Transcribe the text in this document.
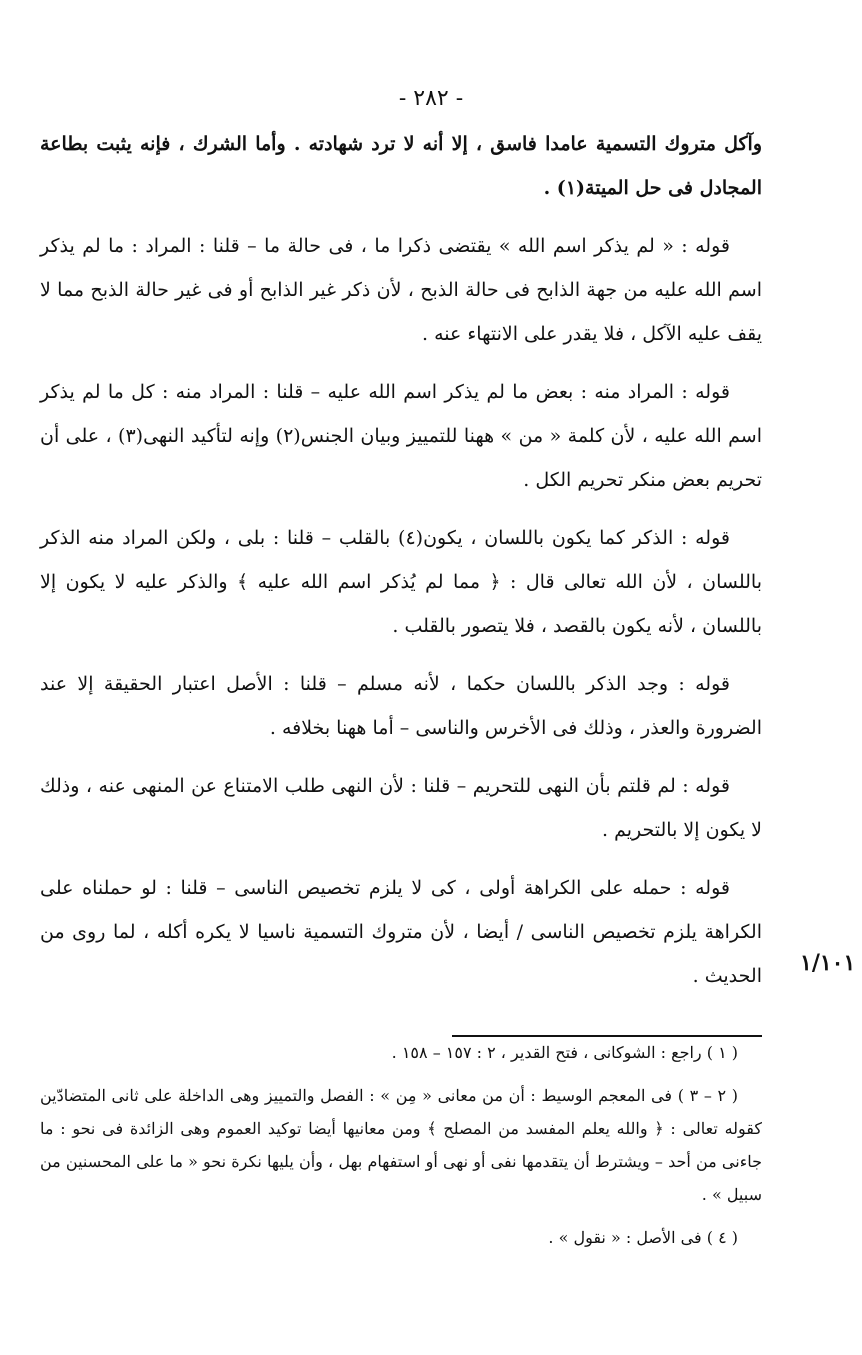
- ٢٨٢ -

وآكل متروك التسمية عامدا فاسق ، إلا أنه لا ترد شهادته . وأما الشرك ، فإنه يثبت بطاعة المجادل فى حل الميتة(١) .

قوله : « لم يذكر اسم الله » يقتضى ذكرا ما ، فى حالة ما – قلنا : المراد : ما لم يذكر اسم الله عليه من جهة الذابح فى حالة الذبح ، لأن ذكر غير الذابح أو فى غير حالة الذبح مما لا يقف عليه الآكل ، فلا يقدر على الانتهاء عنه .

قوله : المراد منه : بعض ما لم يذكر اسم الله عليه – قلنا : المراد منه : كل ما لم يذكر اسم الله عليه ، لأن كلمة « من » ههنا للتمييز وبيان الجنس(٢) وإنه لتأكيد النهى(٣) ، على أن تحريم بعض منكر تحريم الكل .

قوله : الذكر كما يكون باللسان ، يكون(٤) بالقلب – قلنا : بلى ، ولكن المراد منه الذكر باللسان ، لأن الله تعالى قال : ﴿ مما لم يُذكر اسم الله عليه ﴾ والذكر عليه لا يكون إلا باللسان ، لأنه يكون بالقصد ، فلا يتصور بالقلب .

قوله : وجد الذكر باللسان حكما ، لأنه مسلم – قلنا : الأصل اعتبار الحقيقة إلا عند الضرورة والعذر ، وذلك فى الأخرس والناسى – أما ههنا بخلافه .

قوله : لم قلتم بأن النهى للتحريم – قلنا : لأن النهى طلب الامتناع عن المنهى عنه ، وذلك لا يكون إلا بالتحريم .

قوله : حمله على الكراهة أولى ، كى لا يلزم تخصيص الناسى – قلنا : لو حملناه على الكراهة يلزم تخصيص الناسى / أيضا ، لأن متروك التسمية ناسيا لا يكره أكله ، لما روى من الحديث . ١/١٠١

( ١ ) راجع : الشوكانى ، فتح القدير ، ٢ : ١٥٧ – ١٥٨ .

( ٢ – ٣ ) فى المعجم الوسيط : أن من معانى « مِن » : الفصل والتمييز وهى الداخلة على ثانى المتضادّين كقوله تعالى : ﴿ والله يعلم المفسد من المصلح ﴾ ومن معانيها أيضا توكيد العموم وهى الزائدة فى نحو : ما جاءنى من أحد – ويشترط أن يتقدمها نفى أو نهى أو استفهام بهل ، وأن يليها نكرة نحو « ما على المحسنين من سبيل » .

( ٤ ) فى الأصل : « نقول » .
